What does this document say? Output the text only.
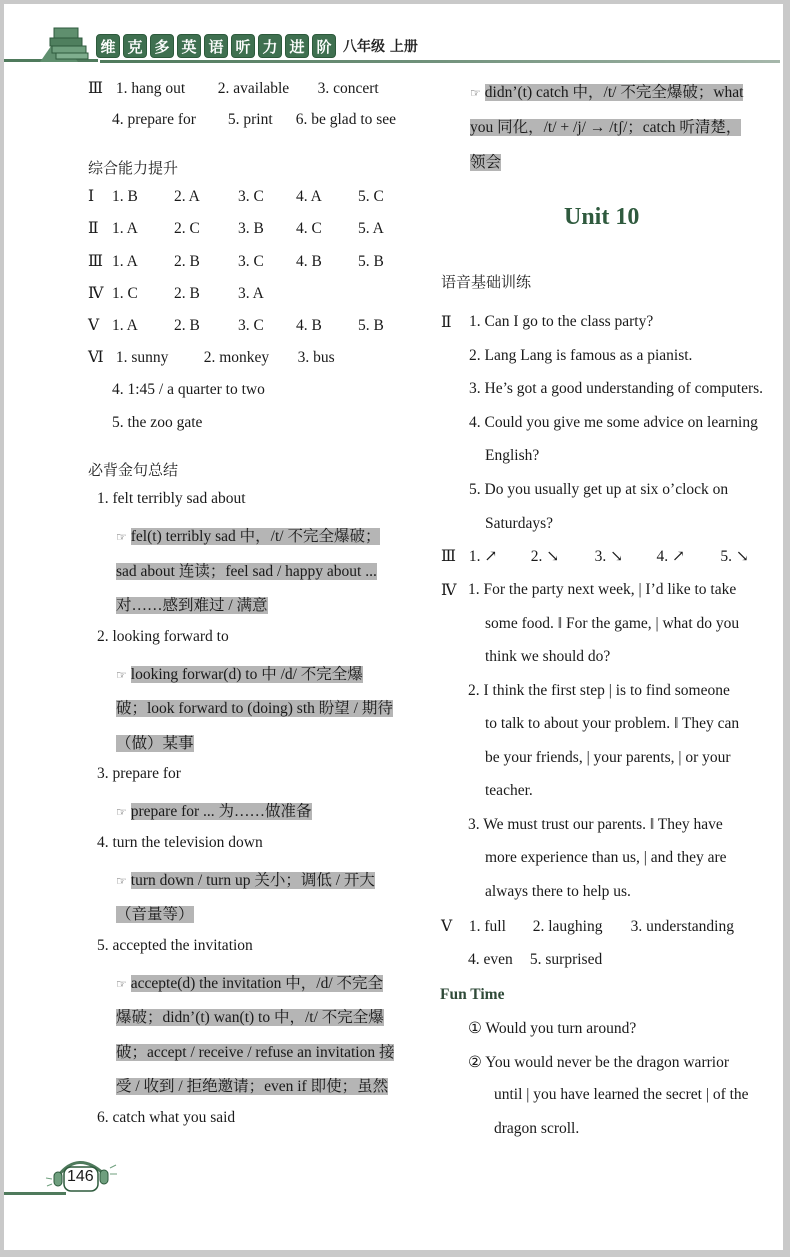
维 克 多 英 语 听 力 进 阶 八年级 上册
Ⅲ 1. hang out 2. available 3. concert
4. prepare for 5. print 6. be glad to see
综合能力提升
Ⅰ 1. B 2. A 3. C 4. A 5. C
Ⅱ 1. A 2. C 3. B 4. C 5. A
Ⅲ 1. A 2. B 3. C 4. B 5. B
Ⅳ 1. C 2. B 3. A
Ⅴ 1. A 2. B 3. C 4. B 5. B
Ⅵ 1. sunny 2. monkey 3. bus
4. 1:45 / a quarter to two
5. the zoo gate
必背金句总结
1. felt terribly sad about
☞ fel(t) terribly sad 中，/t/ 不完全爆破；
sad about 连读；feel sad / happy about ...
对……感到难过 / 满意
2. looking forward to
☞ looking forwar(d) to 中 /d/ 不完全爆
破；look forward to (doing) sth 盼望 / 期待
（做）某事
3. prepare for
☞ prepare for ... 为……做准备
4. turn the television down
☞ turn down / turn up 关小；调低 / 开大
（音量等）
5. accepted the invitation
☞ accepte(d) the invitation 中，/d/ 不完全
爆破；didn’(t) wan(t) to 中，/t/ 不完全爆
破；accept / receive / refuse an invitation 接
受 / 收到 / 拒绝邀请；even if 即使；虽然
6. catch what you said
☞ didn’(t) catch 中，/t/ 不完全爆破；what
you 同化，/t/ + /j/ → /tʃ/；catch 听清楚，
领会
Unit 10
语音基础训练
Ⅱ 1. Can I go to the class party?
2. Lang Lang is famous as a pianist.
3. He’s got a good understanding of computers.
4. Could you give me some advice on learning
English?
5. Do you usually get up at six o’clock on
Saturdays?
Ⅲ 1. ↗ 2. ↘ 3. ↘ 4. ↗ 5. ↘
Ⅳ 1. For the party next week, | I’d like to take
some food. ‖ For the game, | what do you
think we should do?
2. I think the first step | is to find someone
to talk to about your problem. ‖ They can
be your friends, | your parents, | or your
teacher.
3. We must trust our parents. ‖ They have
more experience than us, | and they are
always there to help us.
Ⅴ 1. full 2. laughing 3. understanding
4. even 5. surprised
Fun Time
① Would you turn around?
② You would never be the dragon warrior
until | you have learned the secret | of the
dragon scroll.
146
